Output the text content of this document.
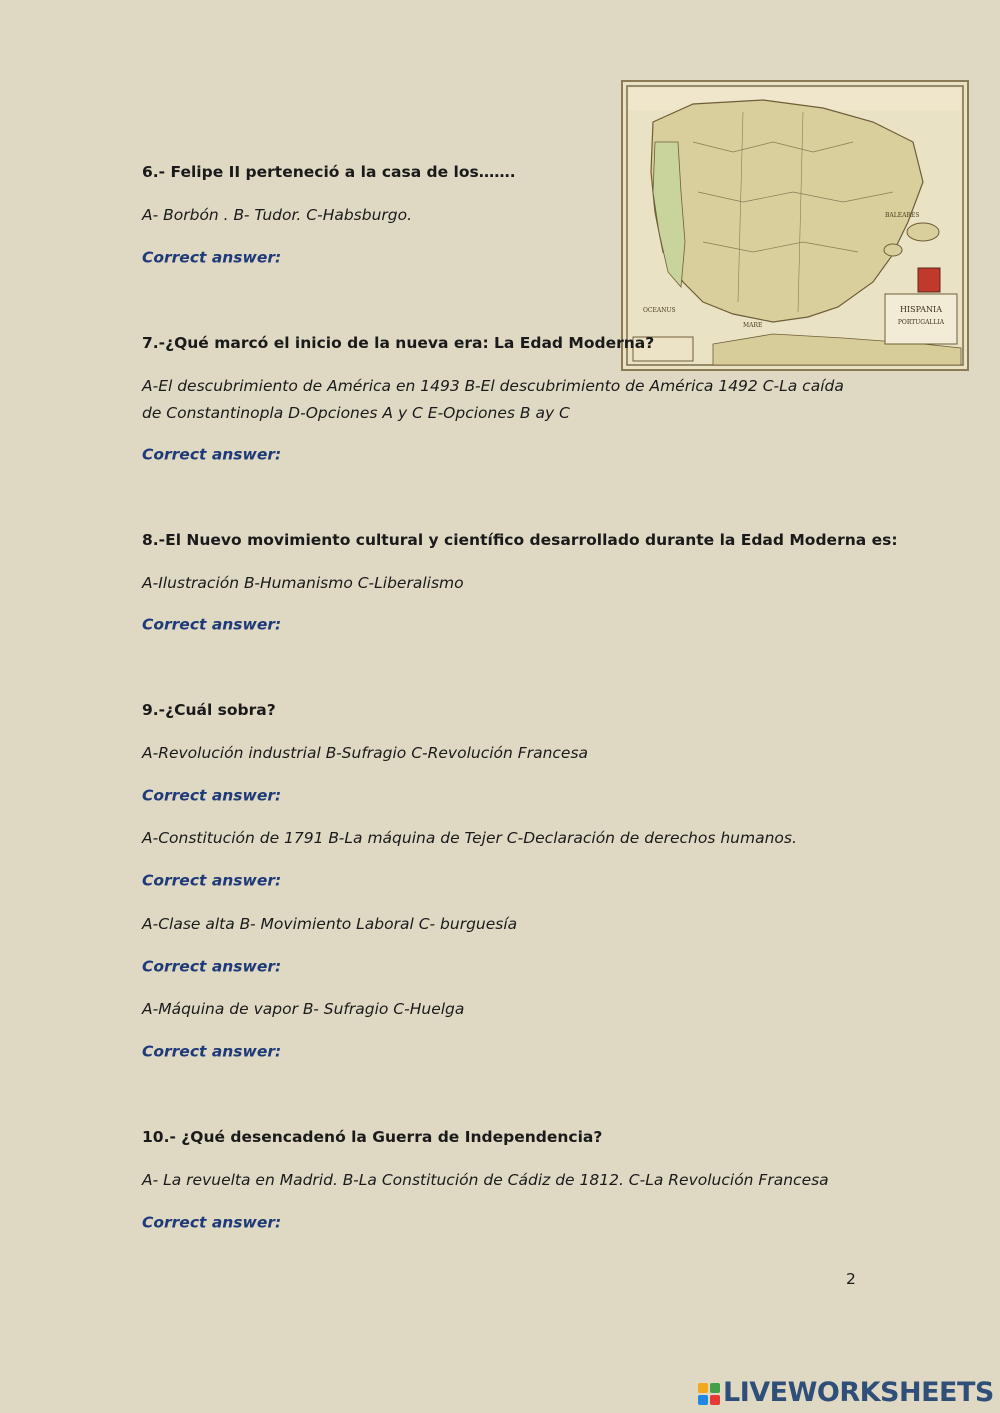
HISPANIA
PORTUGALLIA
MARE
OCEANUS
BALEARES
6.- Felipe II perteneció a la casa de los…….
A- Borbón . B- Tudor. C-Habsburgo.
Correct answer:
7.-¿Qué marcó el inicio de la nueva era: La Edad Moderna?
A-El descubrimiento de América en 1493 B-El descubrimiento de América 1492 C-La caída de Constantinopla D-Opciones A y C E-Opciones B ay C
Correct answer:
8.-El Nuevo movimiento cultural y científico desarrollado durante la Edad Moderna es:
A-Ilustración B-Humanismo C-Liberalismo
Correct answer:
9.-¿Cuál sobra?
A-Revolución industrial B-Sufragio C-Revolución Francesa
Correct answer:
A-Constitución de 1791 B-La máquina de Tejer C-Declaración de derechos humanos.
Correct answer:
A-Clase alta B- Movimiento Laboral C- burguesía
Correct answer:
A-Máquina de vapor B- Sufragio C-Huelga
Correct answer:
10.- ¿Qué desencadenó la Guerra de Independencia?
A- La revuelta en Madrid. B-La Constitución de Cádiz de 1812. C-La Revolución Francesa
Correct answer:
2
LIVEWORKSHEETS
